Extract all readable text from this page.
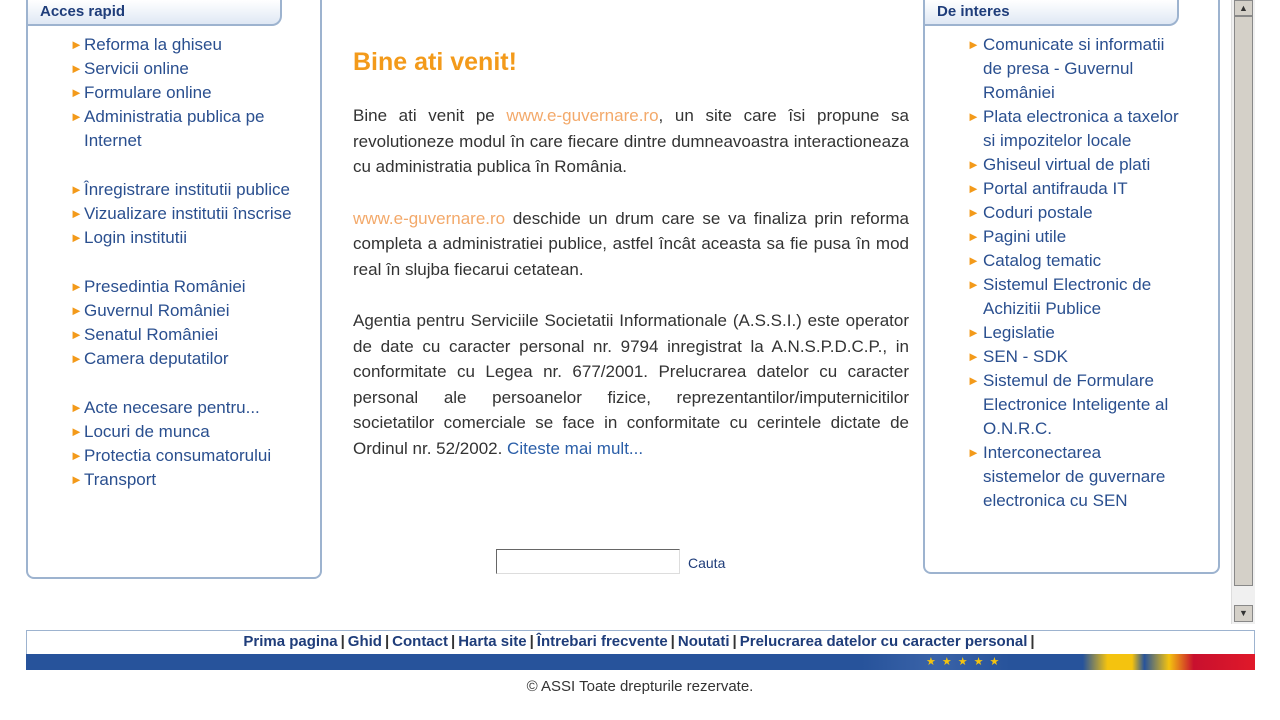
► Reforma la ghiseu
► Servicii online
► Formulare online
► Administratia publica pe Internet
► Înregistrare institutii publice
► Vizualizare institutii înscrise
► Login institutii
► Presedintia României
► Guvernul României
► Senatul României
► Camera deputatilor
► Acte necesare pentru...
► Locuri de munca
► Protectia consumatorului
► Transport
Acces rapid
Bine ati venit!

Bine ati venit pe www.e-guvernare.ro, un site care îsi propune sa revolutioneze modul în care fiecare dintre dumneavoastra interactioneaza cu administratia publica în România.

www.e-guvernare.ro deschide un drum care se va finaliza prin reforma completa a administratiei publice, astfel încât aceasta sa fie pusa în mod real în slujba fiecarui cetatean.

Agentia pentru Serviciile Societatii Informationale (A.S.S.I.) este operator de date cu caracter personal nr. 9794 inregistrat la A.N.S.P.D.C.P., in conformitate cu Legea nr. 677/2001. Prelucrarea datelor cu caracter personal ale persoanelor fizice, reprezentantilor/imputernicitilor societatilor comerciale se face in conformitate cu cerintele dictate de Ordinul nr. 52/2002. Citeste mai mult...

Cauta
► Comunicate si informatii de presa - Guvernul României
► Plata electronica a taxelor si impozitelor locale
► Ghiseul virtual de plati
► Portal antifrauda IT
► Coduri postale
► Pagini utile
► Catalog tematic
► Sistemul Electronic de Achizitii Publice
► Legislatie
► SEN - SDK
► Sistemul de Formulare Electronice Inteligente al O.N.R.C.
► Interconectarea sistemelor de guvernare electronica cu SEN
De interes	▲
▼
Prima pagina | Ghid | Contact | Harta site | Întrebari frecvente | Noutati | Prelucrarea datelor cu caracter personal |
★★★★★
© ASSI Toate drepturile rezervate.
